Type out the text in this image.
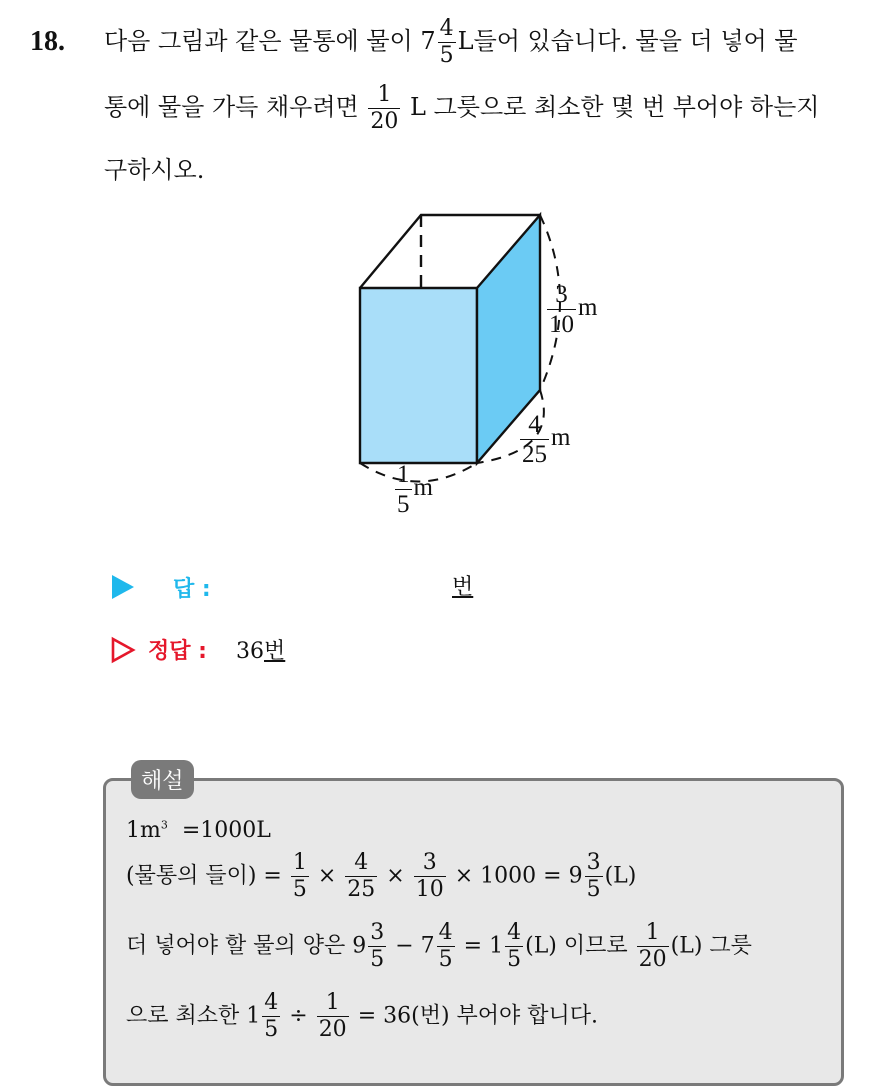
18. 다음 그림과 같은 물통에 물이 $7 \frac{4}{5}$ L들어 있습니다. 물을 더 넣어 물
통에 물을 가득 채우려면 $\frac{1}{20}$ L 그릇으로 최소한 몇 번 부어야 하는지
구하시오.
$\frac{3}{10}$ m
$\frac{4}{25}$ m
$\frac{1}{5}$ m
답 :	번
정답 : 36번
해설
$1m^3 =1000L$
(물통의 들이) = $\frac{1}{5} \times \frac{4}{25} \times \frac{3}{10} \times 1000 = 9 \frac{3}{5} (L)$
더 넣어야 할 물의 양은 $9 \frac{3}{5} - 7 \frac{4}{5} = 1 \frac{4}{5} (L)$ 이므로 $\frac{1}{20} (L)$ 그릇
으로 최소한 $1 \frac{4}{5} \div \frac{1}{20} = 36$(번) 부어야 합니다.
